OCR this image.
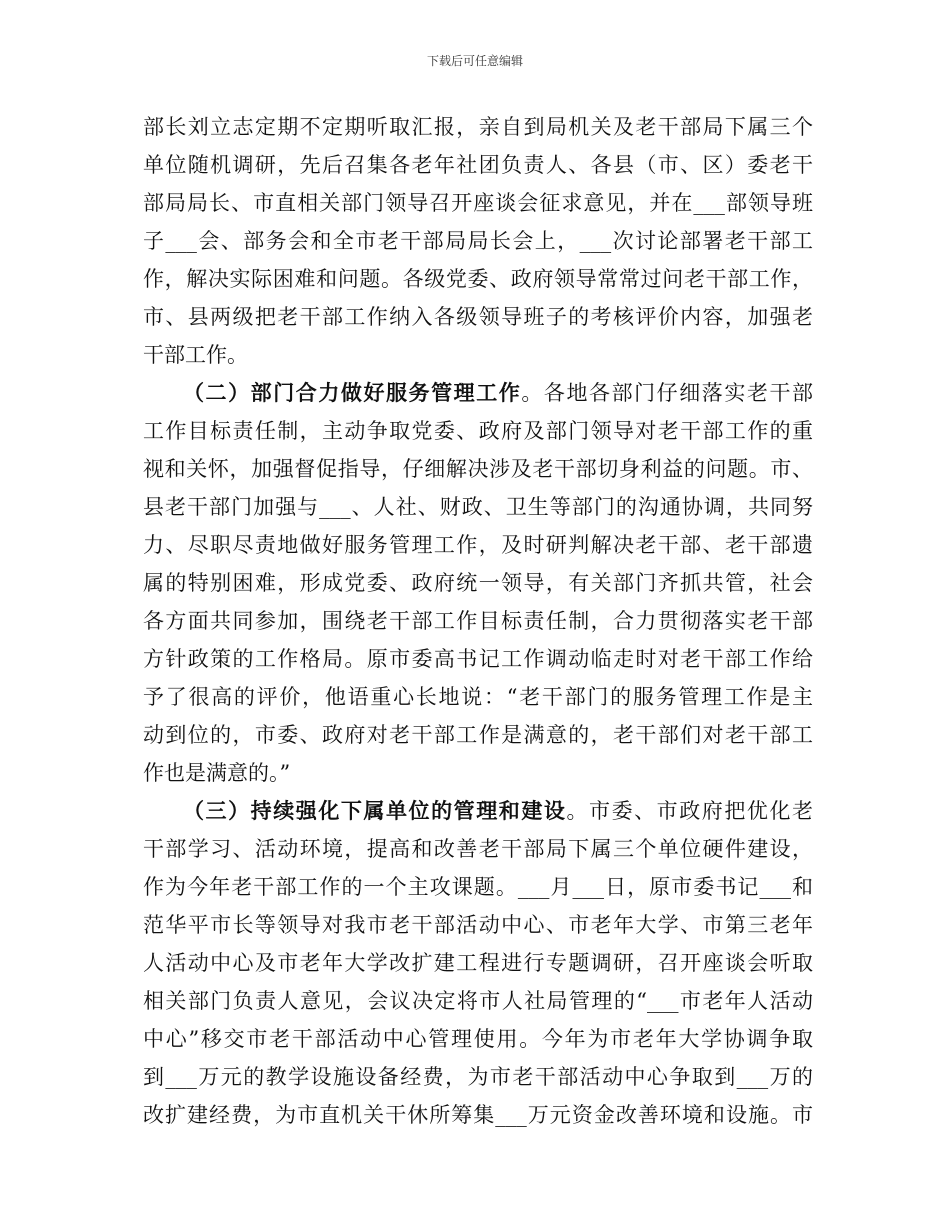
下载后可任意编辑
部长刘立志定期不定期听取汇报，亲自到局机关及老干部局下属三个
单位随机调研，先后召集各老年社团负责人、各县（市、区）委老干
部局局长、市直相关部门领导召开座谈会征求意见，并在___部领导班
子___会、部务会和全市老干部局局长会上，___次讨论部署老干部工
作，解决实际困难和问题。各级党委、政府领导常常过问老干部工作，
市、县两级把老干部工作纳入各级领导班子的考核评价内容，加强老
干部工作。
（二）部门合力做好服务管理工作。各地各部门仔细落实老干部
工作目标责任制，主动争取党委、政府及部门领导对老干部工作的重
视和关怀，加强督促指导，仔细解决涉及老干部切身利益的问题。市、
县老干部门加强与___、人社、财政、卫生等部门的沟通协调，共同努
力、尽职尽责地做好服务管理工作，及时研判解决老干部、老干部遗
属的特别困难，形成党委、政府统一领导，有关部门齐抓共管，社会
各方面共同参加，围绕老干部工作目标责任制，合力贯彻落实老干部
方针政策的工作格局。原市委高书记工作调动临走时对老干部工作给
予了很高的评价，他语重心长地说：“老干部门的服务管理工作是主
动到位的，市委、政府对老干部工作是满意的，老干部们对老干部工
作也是满意的。”
（三）持续强化下属单位的管理和建设。市委、市政府把优化老
干部学习、活动环境，提高和改善老干部局下属三个单位硬件建设，
作为今年老干部工作的一个主攻课题。___月___日，原市委书记___和
范华平市长等领导对我市老干部活动中心、市老年大学、市第三老年
人活动中心及市老年大学改扩建工程进行专题调研，召开座谈会听取
相关部门负责人意见，会议决定将市人社局管理的“___市老年人活动
中心”移交市老干部活动中心管理使用。今年为市老年大学协调争取
到___万元的教学设施设备经费，为市老干部活动中心争取到___万的
改扩建经费，为市直机关干休所筹集___万元资金改善环境和设施。市
